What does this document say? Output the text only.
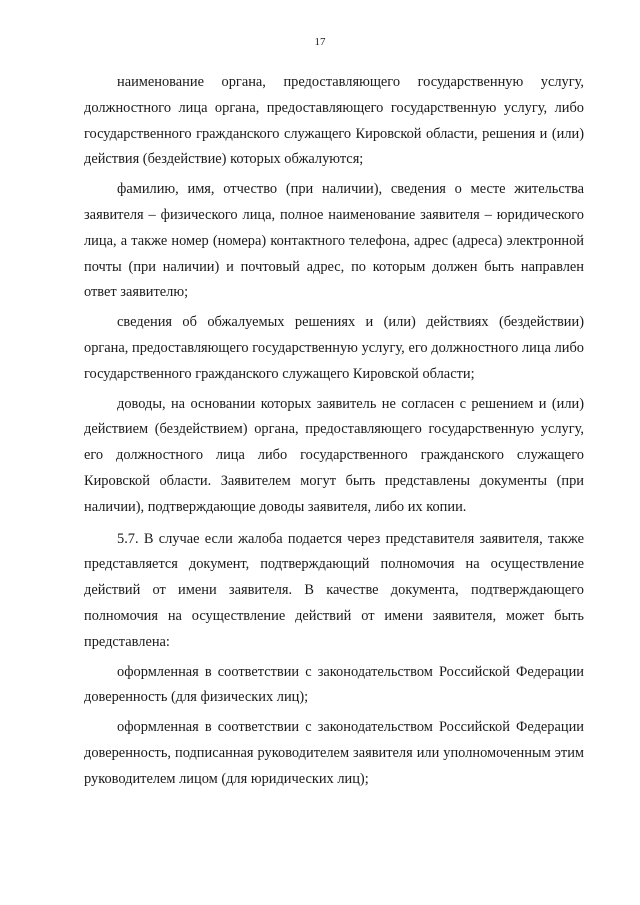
17

наименование органа, предоставляющего государственную услугу, должностного лица органа, предоставляющего государственную услугу, либо государственного гражданского служащего Кировской области, решения и (или) действия (бездействие) которых обжалуются;

фамилию, имя, отчество (при наличии), сведения о месте жительства заявителя – физического лица, полное наименование заявителя – юридического лица, а также номер (номера) контактного телефона, адрес (адреса) электронной почты (при наличии) и почтовый адрес, по которым должен быть направлен ответ заявителю;

сведения об обжалуемых решениях и (или) действиях (бездействии) органа, предоставляющего государственную услугу, его должностного лица либо государственного гражданского служащего Кировской области;

доводы, на основании которых заявитель не согласен с решением и (или) действием (бездействием) органа, предоставляющего государственную услугу, его должностного лица либо государственного гражданского служащего Кировской области. Заявителем могут быть представлены документы (при наличии), подтверждающие доводы заявителя, либо их копии.

5.7. В случае если жалоба подается через представителя заявителя, также представляется документ, подтверждающий полномочия на осуществление действий от имени заявителя. В качестве документа, подтверждающего полномочия на осуществление действий от имени заявителя, может быть представлена:

оформленная в соответствии с законодательством Российской Федерации доверенность (для физических лиц);

оформленная в соответствии с законодательством Российской Федерации доверенность, подписанная руководителем заявителя или уполномоченным этим руководителем лицом (для юридических лиц);
